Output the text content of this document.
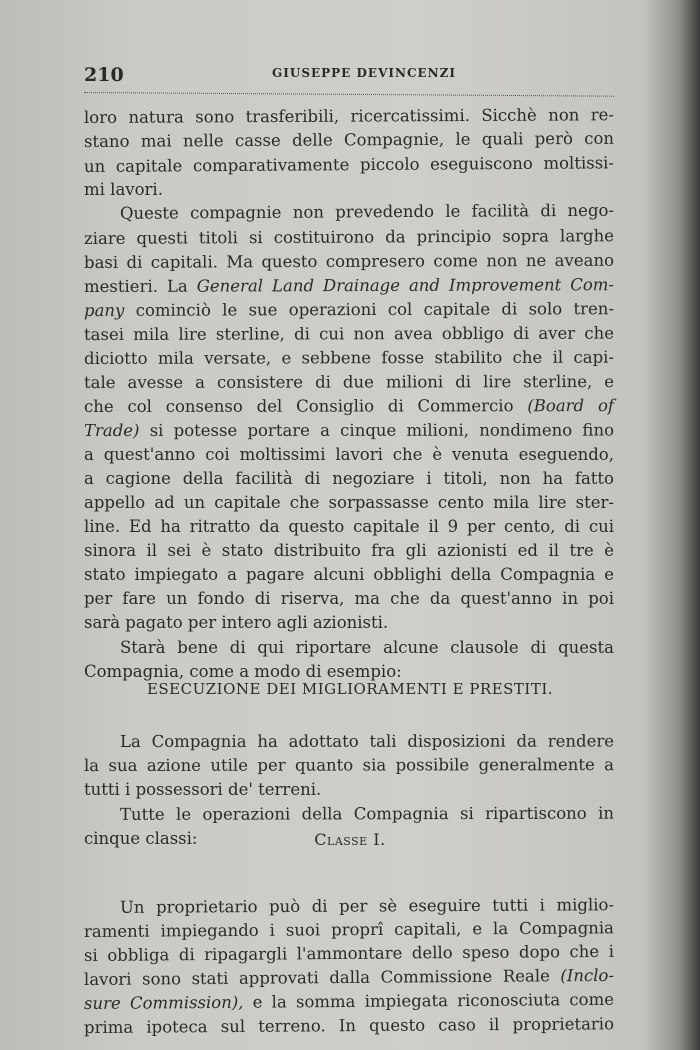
210	GIUSEPPE DEVINCENZI
ESECUZIONE DEI MIGLIORAMENTI E PRESTITI.
Classe I.
loro natura sono trasferibili, ricercatissimi. Sicchè non re-
stano mai nelle casse delle Compagnie, le quali però con
un capitale comparativamente piccolo eseguiscono moltissi-
mi lavori.
Queste compagnie non prevedendo le facilità di nego-
ziare questi titoli si costituirono da principio sopra larghe
basi di capitali. Ma questo compresero come non ne aveano
mestieri. La General Land Drainage and Improvement Com-
pany cominciò le sue operazioni col capitale di solo tren-
tasei mila lire sterline, di cui non avea obbligo di aver che
diciotto mila versate, e sebbene fosse stabilito che il capi-
tale avesse a consistere di due milioni di lire sterline, e
che col consenso del Consiglio di Commercio (Board of
Trade) si potesse portare a cinque milioni, nondimeno fino
a quest'anno coi moltissimi lavori che è venuta eseguendo,
a cagione della facilità di negoziare i titoli, non ha fatto
appello ad un capitale che sorpassasse cento mila lire ster-
line. Ed ha ritratto da questo capitale il 9 per cento, di cui
sinora il sei è stato distribuito fra gli azionisti ed il tre è
stato impiegato a pagare alcuni obblighi della Compagnia e
per fare un fondo di riserva, ma che da quest'anno in poi
sarà pagato per intero agli azionisti.
Starà bene di qui riportare alcune clausole di questa
Compagnia, come a modo di esempio:
La Compagnia ha adottato tali disposizioni da rendere
la sua azione utile per quanto sia possibile generalmente a
tutti i possessori de' terreni.
Tutte le operazioni della Compagnia si ripartiscono in
cinque classi:
Un proprietario può di per sè eseguire tutti i miglio-
ramenti impiegando i suoi proprî capitali, e la Compagnia
si obbliga di ripagargli l'ammontare dello speso dopo che i
lavori sono stati approvati dalla Commissione Reale (Inclo-
sure Commission), e la somma impiegata riconosciuta come
prima ipoteca sul terreno. In questo caso il proprietario
